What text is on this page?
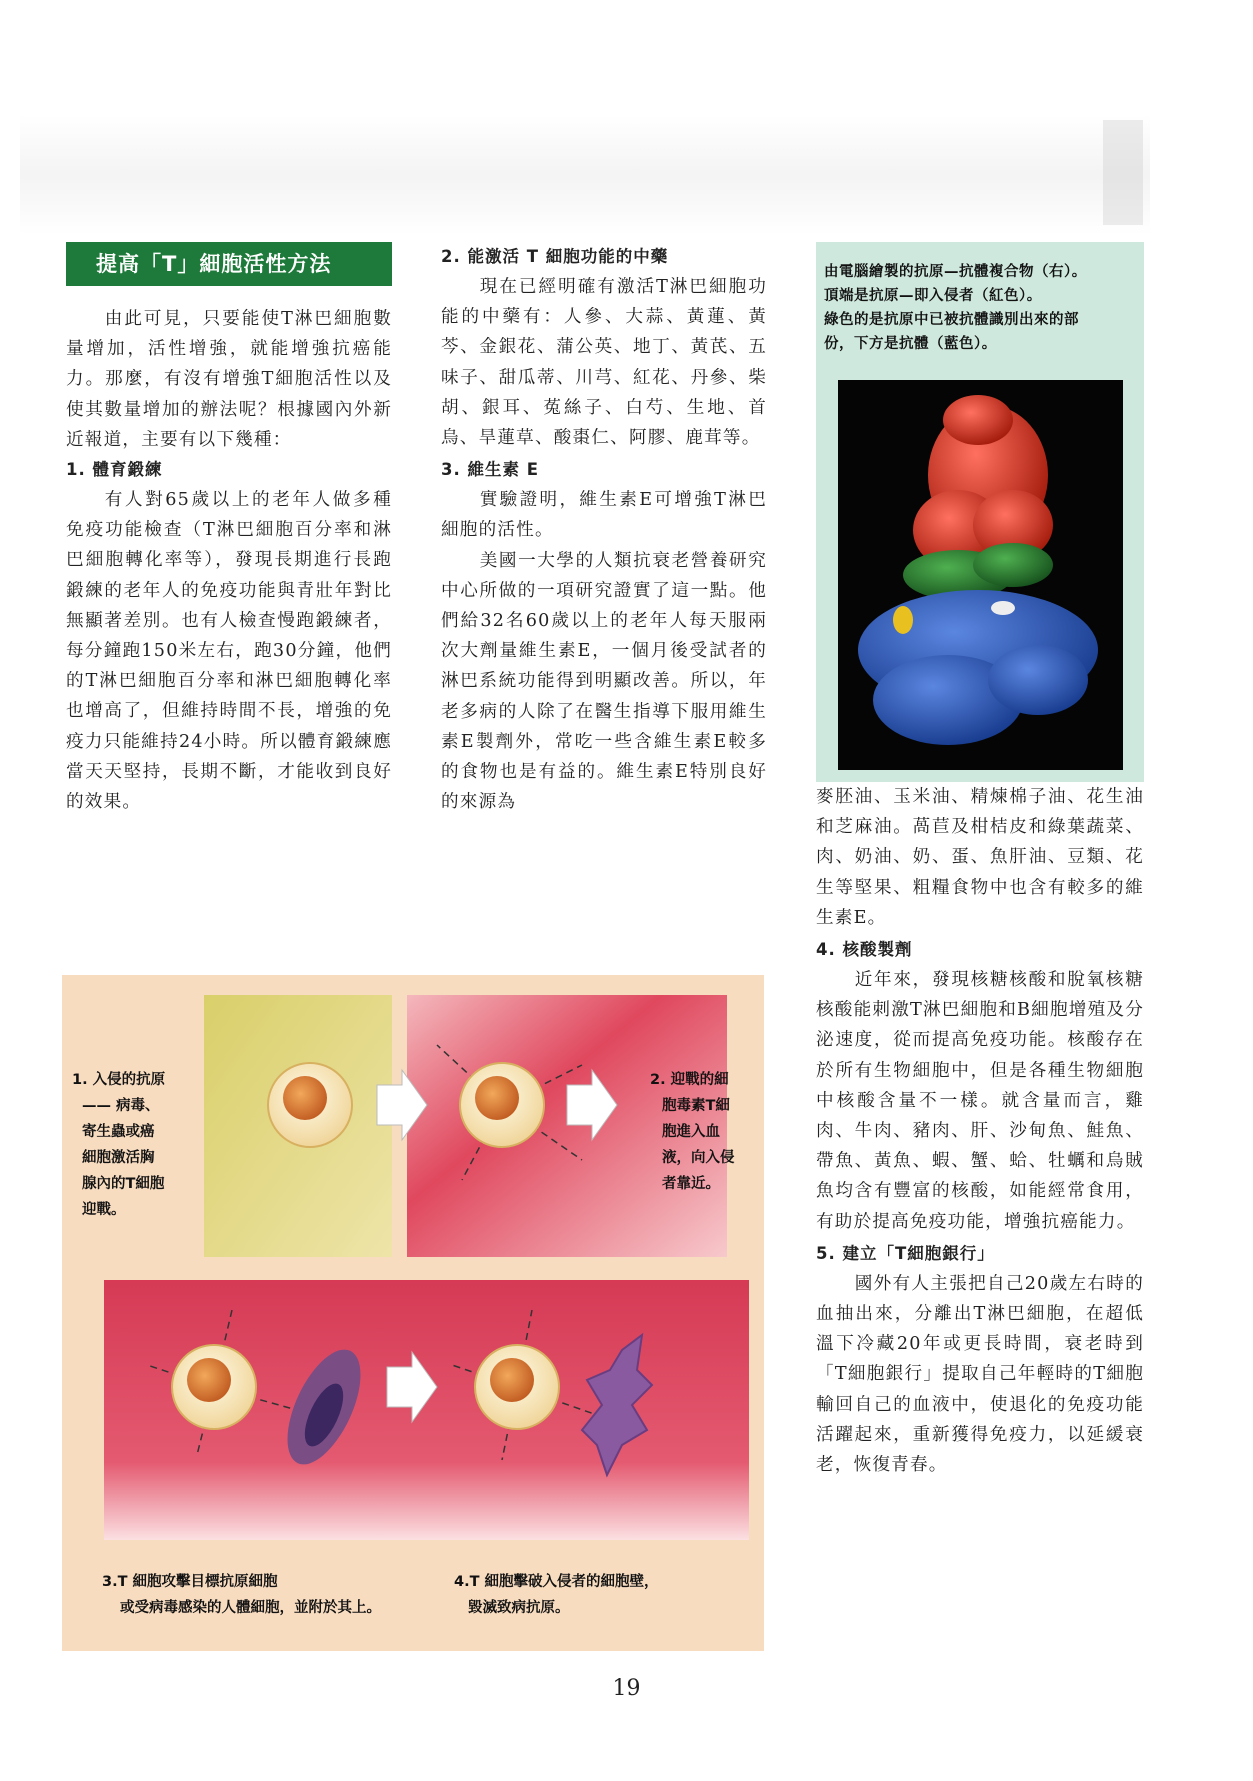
提高「T」細胞活性方法

由此可見，只要能使T淋巴細胞數量增加，活性增強，就能增強抗癌能力。那麼，有沒有增強T細胞活性以及使其數量增加的辦法呢？根據國內外新近報道，主要有以下幾種：

1. 體育鍛練

有人對65歲以上的老年人做多種免疫功能檢查（T淋巴細胞百分率和淋巴細胞轉化率等），發現長期進行長跑鍛練的老年人的免疫功能與青壯年對比無顯著差別。也有人檢查慢跑鍛練者，每分鐘跑150米左右，跑30分鐘，他們的T淋巴細胞百分率和淋巴細胞轉化率也增高了，但維持時間不長，增強的免疫力只能維持24小時。所以體育鍛練應當天天堅持，長期不斷，才能收到良好的效果。

2. 能激活 T 細胞功能的中藥

現在已經明確有激活T淋巴細胞功能的中藥有：人參、大蒜、黃蓮、黃芩、金銀花、蒲公英、地丁、黃芪、五味子、甜瓜蒂、川芎、紅花、丹參、柴胡、銀耳、菟絲子、白芍、生地、首烏、旱蓮草、酸棗仁、阿膠、鹿茸等。

3. 維生素 E

實驗證明，維生素E可增強T淋巴細胞的活性。

美國一大學的人類抗衰老營養研究中心所做的一項研究證實了這一點。他們給32名60歲以上的老年人每天服兩次大劑量維生素E，一個月後受試者的淋巴系統功能得到明顯改善。所以，年老多病的人除了在醫生指導下服用維生素E製劑外，常吃一些含維生素E較多的食物也是有益的。維生素E特別良好的來源為

由電腦繪製的抗原—抗體複合物（右）。
頂端是抗原—即入侵者（紅色）。
綠色的是抗原中已被抗體識別出來的部
份，下方是抗體（藍色）。

麥胚油、玉米油、精煉棉子油、花生油和芝麻油。萵苣及柑桔皮和綠葉蔬菜、肉、奶油、奶、蛋、魚肝油、豆類、花生等堅果、粗糧食物中也含有較多的維生素E。

4. 核酸製劑

近年來，發現核糖核酸和脫氧核糖核酸能刺激T淋巴細胞和B細胞增殖及分泌速度，從而提高免疫功能。核酸存在於所有生物細胞中，但是各種生物細胞中核酸含量不一樣。就含量而言，雞肉、牛肉、豬肉、肝、沙甸魚、鮭魚、帶魚、黃魚、蝦、蟹、蛤、牡蠣和烏賊魚均含有豐富的核酸，如能經常食用，有助於提高免疫功能，增強抗癌能力。

5. 建立「T細胞銀行」

國外有人主張把自己20歲左右時的血抽出來，分離出T淋巴細胞，在超低溫下冷藏20年或更長時間，衰老時到「T細胞銀行」提取自己年輕時的T細胞輸回自己的血液中，使退化的免疫功能活躍起來，重新獲得免疫力，以延緩衰老，恢復青春。

1. 入侵的抗原
—— 病毒、
寄生蟲或癌
細胞激活胸
腺內的T細胞
迎戰。
2. 迎戰的細
胞毒素T細
胞進入血
液，向入侵
者靠近。
3.T 細胞攻擊目標抗原細胞
或受病毒感染的人體細胞，並附於其上。
4.T 細胞擊破入侵者的細胞壁，
毀滅致病抗原。
19
